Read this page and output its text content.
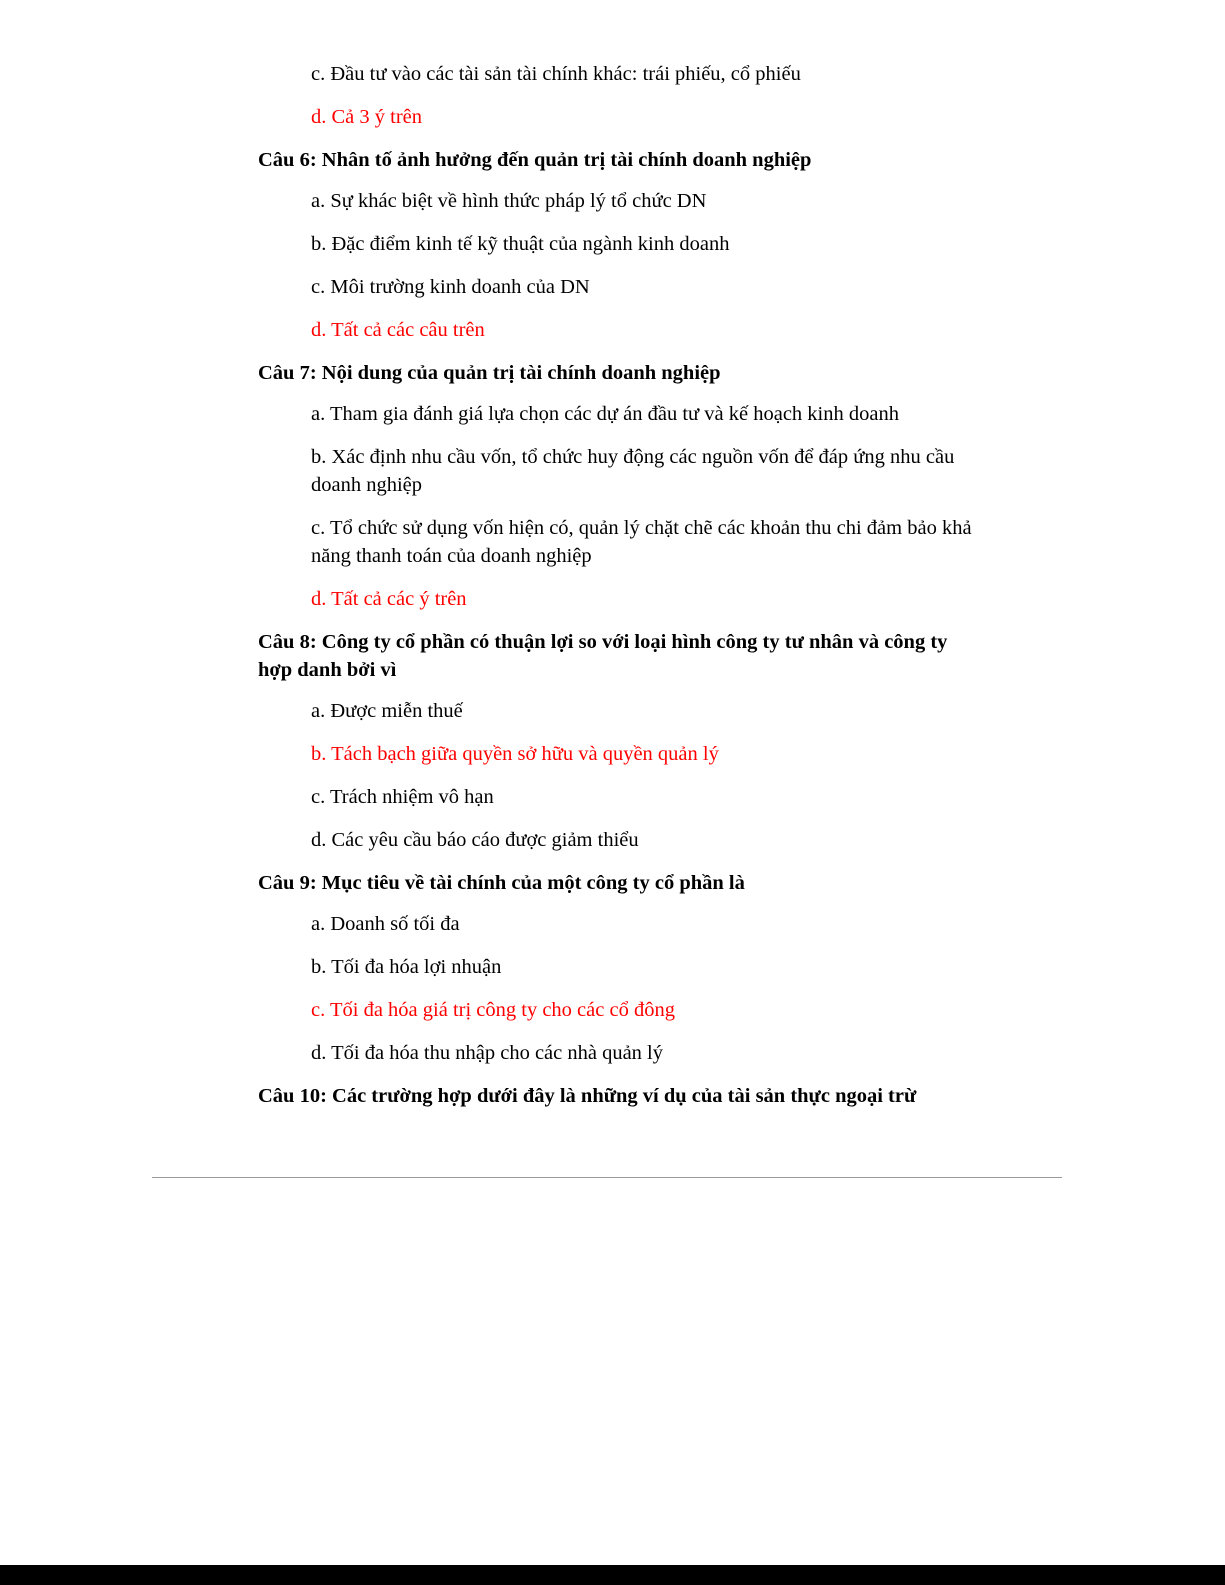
c. Đầu tư vào các tài sản tài chính khác: trái phiếu, cổ phiếu

d. Cả 3 ý trên

Câu 6: Nhân tố ảnh hưởng đến quản trị tài chính doanh nghiệp

a. Sự khác biệt về hình thức pháp lý tổ chức DN

b. Đặc điểm kinh tế kỹ thuật của ngành kinh doanh

c. Môi trường kinh doanh của DN

d. Tất cả các câu trên

Câu 7: Nội dung của quản trị tài chính doanh nghiệp

a. Tham gia đánh giá lựa chọn các dự án đầu tư và kế hoạch kinh doanh

b. Xác định nhu cầu vốn, tổ chức huy động các nguồn vốn để đáp ứng nhu cầu doanh nghiệp

c. Tổ chức sử dụng vốn hiện có, quản lý chặt chẽ các khoản thu chi đảm bảo khả năng thanh toán của doanh nghiệp

d. Tất cả các ý trên

Câu 8: Công ty cổ phần có thuận lợi so với loại hình công ty tư nhân và công ty hợp danh bởi vì

a. Được miễn thuế

b. Tách bạch giữa quyền sở hữu và quyền quản lý

c. Trách nhiệm vô hạn

d. Các yêu cầu báo cáo được giảm thiểu

Câu 9: Mục tiêu về tài chính của một công ty cổ phần là

a. Doanh số tối đa

b. Tối đa hóa lợi nhuận

c. Tối đa hóa giá trị công ty cho các cổ đông

d. Tối đa hóa thu nhập cho các nhà quản lý

Câu 10: Các trường hợp dưới đây là những ví dụ của tài sản thực ngoại trừ
